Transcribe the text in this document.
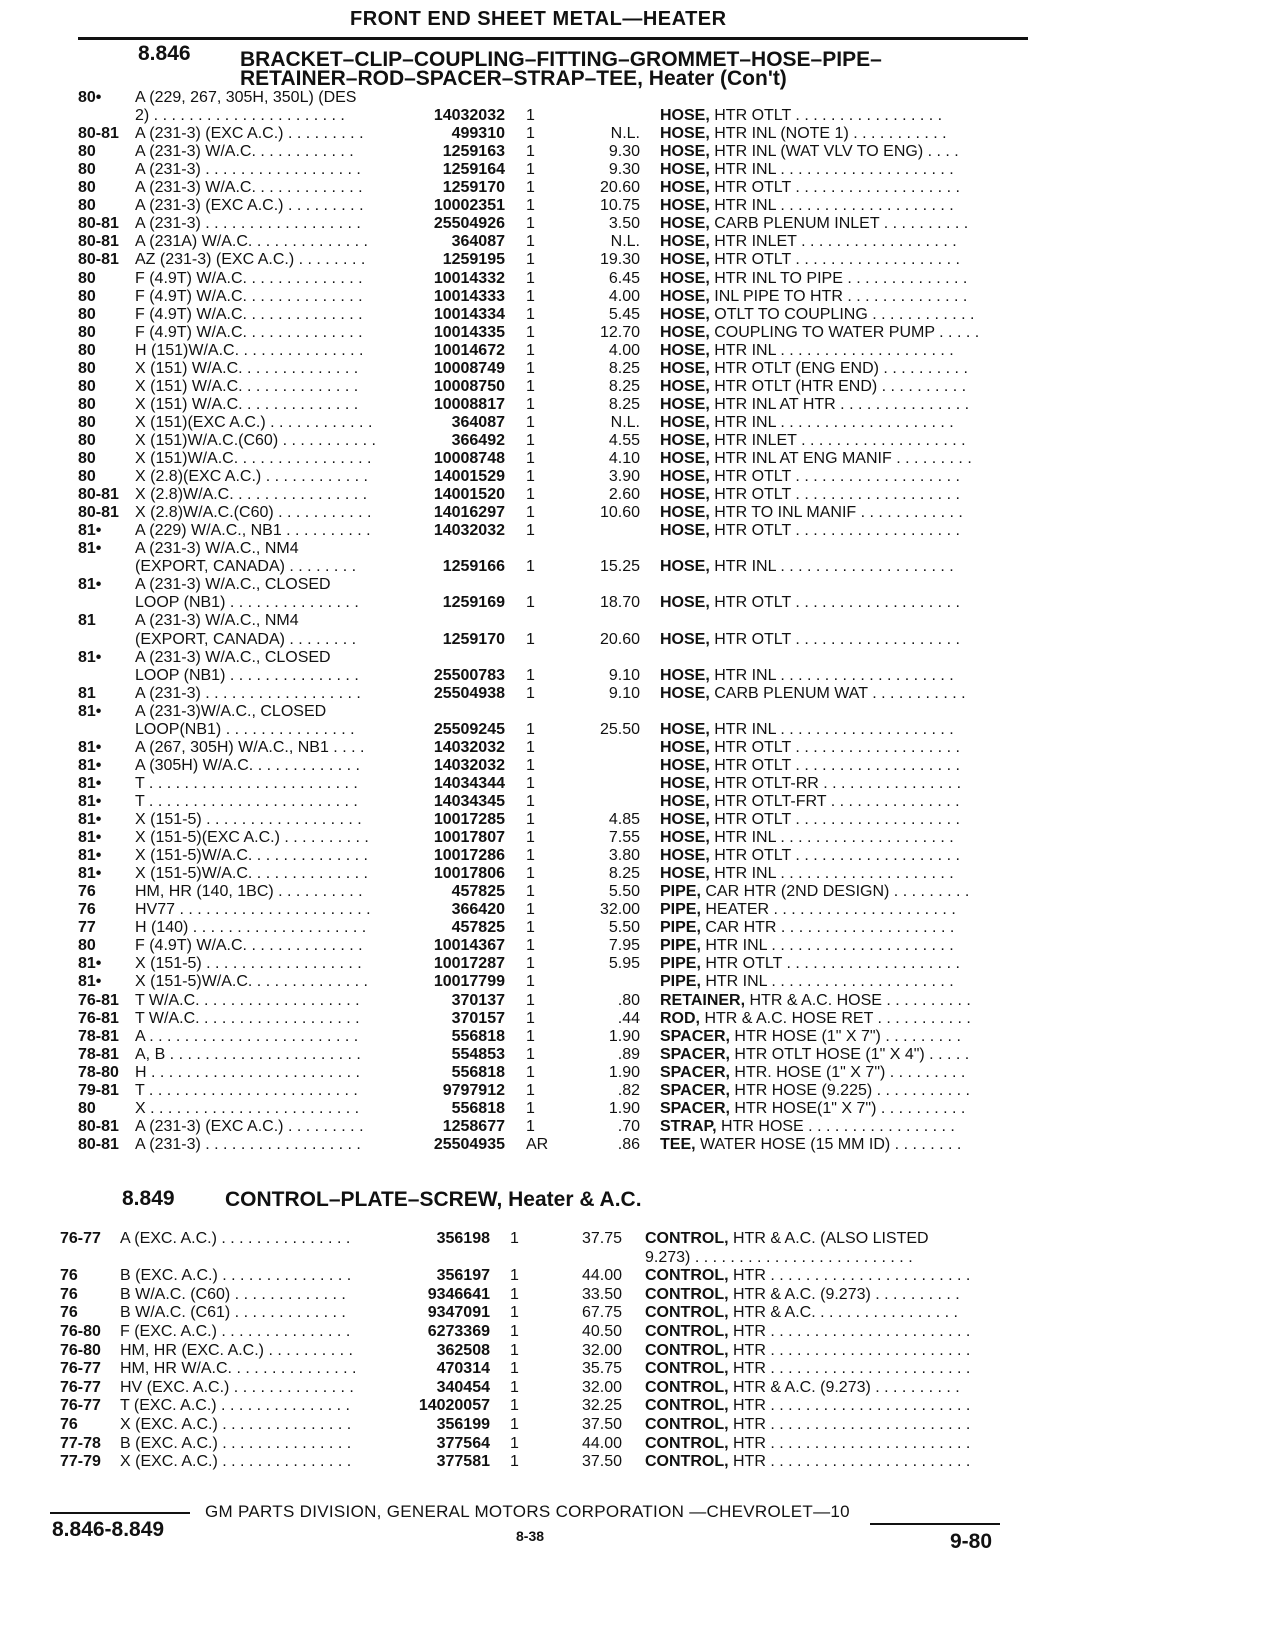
FRONT END SHEET METAL—HEATER
8.846 BRACKET–CLIP–COUPLING–FITTING–GROMMET–HOSE–PIPE–
RETAINER–ROD–SPACER–STRAP–TEE, Heater (Con't)
80• A (229, 267, 305H, 350L) (DES
2) . . . . . . . . . . . . . . . . . . . . . .	14032032 1	HOSE, HTR OTLT . . . . . . . . . . . . . . . . .
80-81 A (231-3) (EXC A.C.) . . . . . . . . .	499310 1	N.L. HOSE, HTR INL (NOTE 1) . . . . . . . . . . .
80 A (231-3) W/A.C. . . . . . . . . . . .	1259163 1	9.30 HOSE, HTR INL (WAT VLV TO ENG) . . . .
80 A (231-3) . . . . . . . . . . . . . . . . . .	1259164 1	9.30 HOSE, HTR INL . . . . . . . . . . . . . . . . . . . .
80 A (231-3) W/A.C. . . . . . . . . . . . .	1259170 1	20.60 HOSE, HTR OTLT . . . . . . . . . . . . . . . . . . .
80 A (231-3) (EXC A.C.) . . . . . . . . .	10002351 1	10.75 HOSE, HTR INL . . . . . . . . . . . . . . . . . . . .
80-81 A (231-3) . . . . . . . . . . . . . . . . . .	25504926 1	3.50 HOSE, CARB PLENUM INLET . . . . . . . . . .
80-81 A (231A) W/A.C. . . . . . . . . . . . . .	364087 1	N.L. HOSE, HTR INLET . . . . . . . . . . . . . . . . . .
80-81 AZ (231-3) (EXC A.C.) . . . . . . . .	1259195 1	19.30 HOSE, HTR OTLT . . . . . . . . . . . . . . . . . . .
80 F (4.9T) W/A.C. . . . . . . . . . . . . .	10014332 1	6.45 HOSE, HTR INL TO PIPE . . . . . . . . . . . . . .
80 F (4.9T) W/A.C. . . . . . . . . . . . . .	10014333 1	4.00 HOSE, INL PIPE TO HTR . . . . . . . . . . . . . .
80 F (4.9T) W/A.C. . . . . . . . . . . . . .	10014334 1	5.45 HOSE, OTLT TO COUPLING . . . . . . . . . . . .
80 F (4.9T) W/A.C. . . . . . . . . . . . . .	10014335 1	12.70 HOSE, COUPLING TO WATER PUMP . . . . .
80 H (151)W/A.C. . . . . . . . . . . . . . .	10014672 1	4.00 HOSE, HTR INL . . . . . . . . . . . . . . . . . . . .
80 X (151) W/A.C. . . . . . . . . . . . . .	10008749 1	8.25 HOSE, HTR OTLT (ENG END) . . . . . . . . . .
80 X (151) W/A.C. . . . . . . . . . . . . .	10008750 1	8.25 HOSE, HTR OTLT (HTR END) . . . . . . . . . .
80 X (151) W/A.C. . . . . . . . . . . . . .	10008817 1	8.25 HOSE, HTR INL AT HTR . . . . . . . . . . . . . . .
80 X (151)(EXC A.C.) . . . . . . . . . . . .	364087 1	N.L. HOSE, HTR INL . . . . . . . . . . . . . . . . . . . .
80 X (151)W/A.C.(C60) . . . . . . . . . . .	366492 1	4.55 HOSE, HTR INLET . . . . . . . . . . . . . . . . . . .
80 X (151)W/A.C. . . . . . . . . . . . . . . .	10008748 1	4.10 HOSE, HTR INL AT ENG MANIF . . . . . . . . .
80 X (2.8)(EXC A.C.) . . . . . . . . . . . .	14001529 1	3.90 HOSE, HTR OTLT . . . . . . . . . . . . . . . . . . .
80-81 X (2.8)W/A.C. . . . . . . . . . . . . . . .	14001520 1	2.60 HOSE, HTR OTLT . . . . . . . . . . . . . . . . . . .
80-81 X (2.8)W/A.C.(C60) . . . . . . . . . . .	14016297 1	10.60 HOSE, HTR TO INL MANIF . . . . . . . . . . . .
81• A (229) W/A.C., NB1 . . . . . . . . . .	14032032 1	HOSE, HTR OTLT . . . . . . . . . . . . . . . . . . .
81• A (231-3) W/A.C., NM4
(EXPORT, CANADA) . . . . . . . .	1259166 1	15.25 HOSE, HTR INL . . . . . . . . . . . . . . . . . . . .
81• A (231-3) W/A.C., CLOSED
LOOP (NB1) . . . . . . . . . . . . . . .	1259169 1	18.70 HOSE, HTR OTLT . . . . . . . . . . . . . . . . . . .
81 A (231-3) W/A.C., NM4
(EXPORT, CANADA) . . . . . . . .	1259170 1	20.60 HOSE, HTR OTLT . . . . . . . . . . . . . . . . . . .
81• A (231-3) W/A.C., CLOSED
LOOP (NB1) . . . . . . . . . . . . . . .	25500783 1	9.10 HOSE, HTR INL . . . . . . . . . . . . . . . . . . . .
81 A (231-3) . . . . . . . . . . . . . . . . . .	25504938 1	9.10 HOSE, CARB PLENUM WAT . . . . . . . . . . .
81• A (231-3)W/A.C., CLOSED
LOOP(NB1) . . . . . . . . . . . . . . .	25509245 1	25.50 HOSE, HTR INL . . . . . . . . . . . . . . . . . . . .
81• A (267, 305H) W/A.C., NB1 . . . .	14032032 1	HOSE, HTR OTLT . . . . . . . . . . . . . . . . . . .
81• A (305H) W/A.C. . . . . . . . . . . . .	14032032 1	HOSE, HTR OTLT . . . . . . . . . . . . . . . . . . .
81• T . . . . . . . . . . . . . . . . . . . . . . . .	14034344 1	HOSE, HTR OTLT-RR . . . . . . . . . . . . . . . .
81• T . . . . . . . . . . . . . . . . . . . . . . . .	14034345 1	HOSE, HTR OTLT-FRT . . . . . . . . . . . . . . .
81• X (151-5) . . . . . . . . . . . . . . . . . .	10017285 1	4.85 HOSE, HTR OTLT . . . . . . . . . . . . . . . . . . .
81• X (151-5)(EXC A.C.) . . . . . . . . . .	10017807 1	7.55 HOSE, HTR INL . . . . . . . . . . . . . . . . . . . .
81• X (151-5)W/A.C. . . . . . . . . . . . . .	10017286 1	3.80 HOSE, HTR OTLT . . . . . . . . . . . . . . . . . . .
81• X (151-5)W/A.C. . . . . . . . . . . . . .	10017806 1	8.25 HOSE, HTR INL . . . . . . . . . . . . . . . . . . . .
76 HM, HR (140, 1BC) . . . . . . . . . .	457825 1	5.50 PIPE, CAR HTR (2ND DESIGN) . . . . . . . . .
76 HV77 . . . . . . . . . . . . . . . . . . . . . .	366420 1	32.00 PIPE, HEATER . . . . . . . . . . . . . . . . . . . . .
77 H (140) . . . . . . . . . . . . . . . . . . . .	457825 1	5.50 PIPE, CAR HTR . . . . . . . . . . . . . . . . . . . .
80 F (4.9T) W/A.C. . . . . . . . . . . . . .	10014367 1	7.95 PIPE, HTR INL . . . . . . . . . . . . . . . . . . . . .
81• X (151-5) . . . . . . . . . . . . . . . . . .	10017287 1	5.95 PIPE, HTR OTLT . . . . . . . . . . . . . . . . . . . .
81• X (151-5)W/A.C. . . . . . . . . . . . . .	10017799 1	PIPE, HTR INL . . . . . . . . . . . . . . . . . . . . .
76-81 T W/A.C. . . . . . . . . . . . . . . . . . .	370137 1	.80 RETAINER, HTR & A.C. HOSE . . . . . . . . . .
76-81 T W/A.C. . . . . . . . . . . . . . . . . . .	370157 1	.44 ROD, HTR & A.C. HOSE RET . . . . . . . . . . .
78-81 A . . . . . . . . . . . . . . . . . . . . . . . .	556818 1	1.90 SPACER, HTR HOSE (1" X 7") . . . . . . . . .
78-81 A, B . . . . . . . . . . . . . . . . . . . . . .	554853 1	.89 SPACER, HTR OTLT HOSE (1" X 4") . . . . .
78-80 H . . . . . . . . . . . . . . . . . . . . . . . .	556818 1	1.90 SPACER, HTR. HOSE (1" X 7") . . . . . . . . .
79-81 T . . . . . . . . . . . . . . . . . . . . . . . .	9797912 1	.82 SPACER, HTR HOSE (9.225) . . . . . . . . . . .
80 X . . . . . . . . . . . . . . . . . . . . . . . .	556818 1	1.90 SPACER, HTR HOSE(1" X 7") . . . . . . . . . .
80-81 A (231-3) (EXC A.C.) . . . . . . . . .	1258677 1	.70 STRAP, HTR HOSE . . . . . . . . . . . . . . . . .
80-81 A (231-3) . . . . . . . . . . . . . . . . . .	25504935 AR	.86 TEE, WATER HOSE (15 MM ID) . . . . . . . .
76-77 A (EXC. A.C.) . . . . . . . . . . . . . . .	356198 1	37.75 CONTROL, HTR & A.C. (ALSO LISTED
9.273) . . . . . . . . . . . . . . . . . . . . . . . . .
76	B (EXC. A.C.) . . . . . . . . . . . . . . .	356197 1	44.00 CONTROL, HTR . . . . . . . . . . . . . . . . . . . . . . .
76	B W/A.C. (C60) . . . . . . . . . . . . .	9346641 1	33.50 CONTROL, HTR & A.C. (9.273) . . . . . . . . . .
76	B W/A.C. (C61) . . . . . . . . . . . . .	9347091 1	67.75 CONTROL, HTR & A.C. . . . . . . . . . . . . . . . .
76-80 F (EXC. A.C.) . . . . . . . . . . . . . . .	6273369 1	40.50 CONTROL, HTR . . . . . . . . . . . . . . . . . . . . . . .
76-80 HM, HR (EXC. A.C.) . . . . . . . . . .	362508 1	32.00 CONTROL, HTR . . . . . . . . . . . . . . . . . . . . . . .
76-77 HM, HR W/A.C. . . . . . . . . . . . . . .	470314 1	35.75 CONTROL, HTR . . . . . . . . . . . . . . . . . . . . . . .
76-77 HV (EXC. A.C.) . . . . . . . . . . . . . .	340454 1	32.00 CONTROL, HTR & A.C. (9.273) . . . . . . . . . .
76-77 T (EXC. A.C.) . . . . . . . . . . . . . . .	14020057 1	32.25 CONTROL, HTR . . . . . . . . . . . . . . . . . . . . . . .
76	X (EXC. A.C.) . . . . . . . . . . . . . . .	356199 1	37.50 CONTROL, HTR . . . . . . . . . . . . . . . . . . . . . . .
77-78 B (EXC. A.C.) . . . . . . . . . . . . . . .	377564 1	44.00 CONTROL, HTR . . . . . . . . . . . . . . . . . . . . . . .
77-79 X (EXC. A.C.) . . . . . . . . . . . . . . .	377581 1	37.50 CONTROL, HTR . . . . . . . . . . . . . . . . . . . . . . .
8.849 CONTROL–PLATE–SCREW, Heater & A.C.
8.846-8.849
GM PARTS DIVISION, GENERAL MOTORS CORPORATION —CHEVROLET—10
8-38	9-80
